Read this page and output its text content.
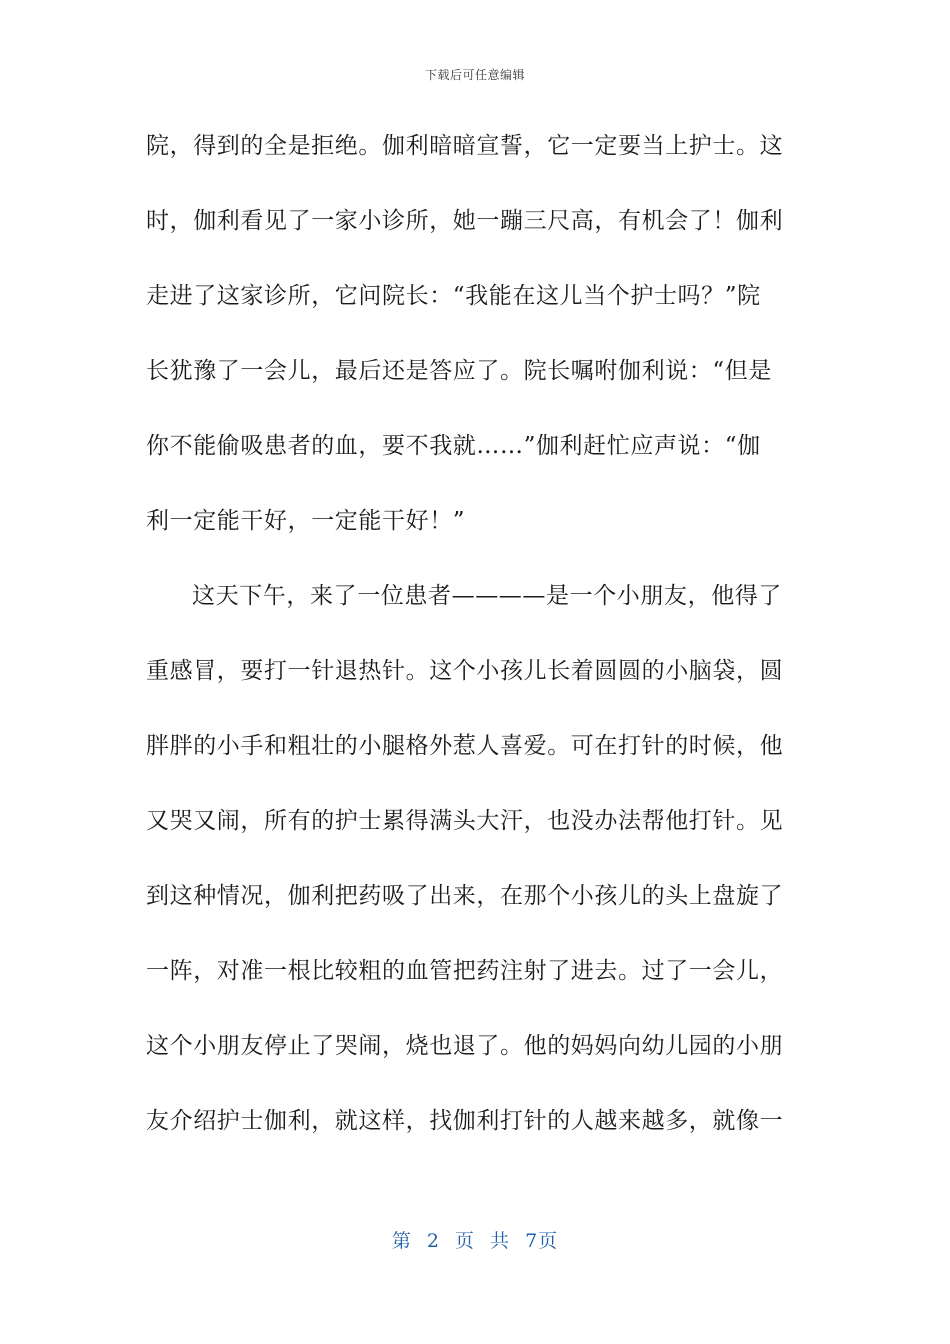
下载后可任意编辑
院，得到的全是拒绝。伽利暗暗宣誓，它一定要当上护士。这
时，伽利看见了一家小诊所，她一蹦三尺高，有机会了！伽利
走进了这家诊所，它问院长：“我能在这儿当个护士吗？”院
长犹豫了一会儿，最后还是答应了。院长嘱咐伽利说：“但是
你不能偷吸患者的血，要不我就……”伽利赶忙应声说：“伽
利一定能干好，一定能干好！”
这天下午，来了一位患者————是一个小朋友，他得了
重感冒，要打一针退热针。这个小孩儿长着圆圆的小脑袋，圆
胖胖的小手和粗壮的小腿格外惹人喜爱。可在打针的时候，他
又哭又闹，所有的护士累得满头大汗，也没办法帮他打针。见
到这种情况，伽利把药吸了出来，在那个小孩儿的头上盘旋了
一阵，对准一根比较粗的血管把药注射了进去。过了一会儿，
这个小朋友停止了哭闹，烧也退了。他的妈妈向幼儿园的小朋
友介绍护士伽利，就这样，找伽利打针的人越来越多，就像一
第 2 页 共 7页
